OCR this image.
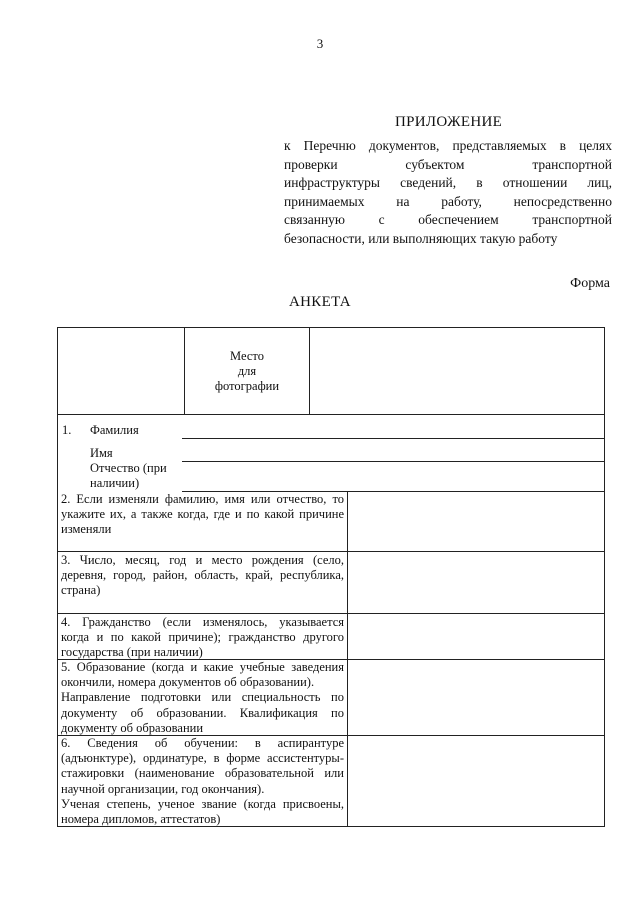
3
ПРИЛОЖЕНИЕ
к Перечню документов, представляемых в целях
проверки субъектом транспортной
инфраструктуры сведений, в отношении лиц,
принимаемых на работу, непосредственно
связанную с обеспечением транспортной
безопасности, или выполняющих такую работу
Форма
АНКЕТА
Место
для
фотографии
1. Фамилия
Имя
Отчество (при
наличии)
2. Если изменяли фамилию, имя или отчество, то
укажите их, а также когда, где и по какой причине
изменяли
3. Число, месяц, год и место рождения (село,
деревня, город, район, область, край, республика,
страна)
4. Гражданство (если изменялось, указывается
когда и по какой причине); гражданство другого
государства (при наличии)
5. Образование (когда и какие учебные заведения
окончили, номера документов об образовании).
Направление подготовки или специальность по
документу об образовании. Квалификация по
документу об образовании
6. Сведения об обучении: в аспирантуре
(адъюнктуре), ординатуре, в форме ассистентуры-
стажировки (наименование образовательной или
научной организации, год окончания).
Ученая степень, ученое звание (когда присвоены,
номера дипломов, аттестатов)
